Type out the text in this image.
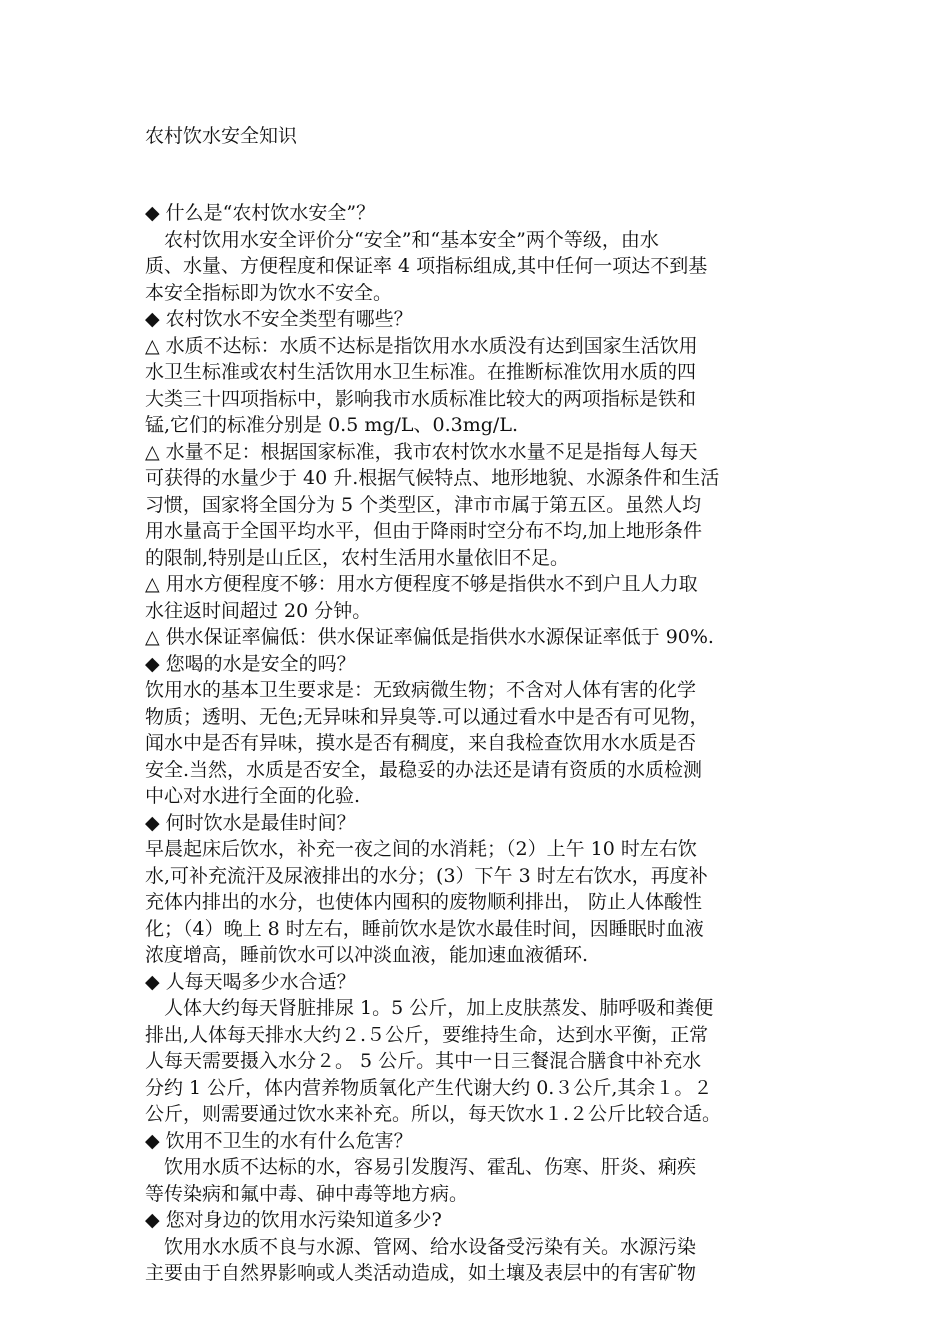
农村饮水安全知识
◆ 什么是“农村饮水安全”？
　农村饮用水安全评价分“安全”和“基本安全”两个等级，由水
质、水量、方便程度和保证率 4 项指标组成,其中任何一项达不到基
本安全指标即为饮水不安全。
◆ 农村饮水不安全类型有哪些？
△ 水质不达标：水质不达标是指饮用水水质没有达到国家生活饮用
水卫生标准或农村生活饮用水卫生标准。在推断标准饮用水质的四
大类三十四项指标中，影响我市水质标准比较大的两项指标是铁和
锰,它们的标准分别是 0.5 mg/L、0.3mg/L.
△ 水量不足：根据国家标准，我市农村饮水水量不足是指每人每天
可获得的水量少于 40 升.根据气候特点、地形地貌、水源条件和生活
习惯，国家将全国分为 5 个类型区，津市市属于第五区。虽然人均
用水量高于全国平均水平，但由于降雨时空分布不均,加上地形条件
的限制,特别是山丘区，农村生活用水量依旧不足。
△ 用水方便程度不够：用水方便程度不够是指供水不到户且人力取
水往返时间超过 20 分钟。
△ 供水保证率偏低：供水保证率偏低是指供水水源保证率低于 90%.
◆ 您喝的水是安全的吗？
饮用水的基本卫生要求是：无致病微生物；不含对人体有害的化学
物质；透明、无色;无异味和异臭等.可以通过看水中是否有可见物，
闻水中是否有异味，摸水是否有稠度，来自我检查饮用水水质是否
安全.当然，水质是否安全，最稳妥的办法还是请有资质的水质检测
中心对水进行全面的化验.
◆ 何时饮水是最佳时间？
早晨起床后饮水，补充一夜之间的水消耗；（2）上午 10 时左右饮
水,可补充流汗及尿液排出的水分；(3）下午 3 时左右饮水，再度补
充体内排出的水分，也使体内囤积的废物顺利排出， 防止人体酸性
化；（4）晚上 8 时左右，睡前饮水是饮水最佳时间，因睡眠时血液
浓度增高，睡前饮水可以冲淡血液，能加速血液循环.
◆ 人每天喝多少水合适？
　人体大约每天肾脏排尿 1。5 公斤，加上皮肤蒸发、肺呼吸和粪便
排出,人体每天排水大约２.５公斤，要维持生命，达到水平衡，正常
人每天需要摄入水分２。 5 公斤。其中一日三餐混合膳食中补充水
分约 1 公斤，体内营养物质氧化产生代谢大约 0.３公斤,其余１。２
公斤，则需要通过饮水来补充。所以，每天饮水１.２公斤比较合适。
◆ 饮用不卫生的水有什么危害？
　饮用水质不达标的水，容易引发腹泻、霍乱、伤寒、肝炎、痢疾
等传染病和氟中毒、砷中毒等地方病。
◆ 您对身边的饮用水污染知道多少?
　饮用水水质不良与水源、管网、给水设备受污染有关。水源污染
主要由于自然界影响或人类活动造成，如土壤及表层中的有害矿物
